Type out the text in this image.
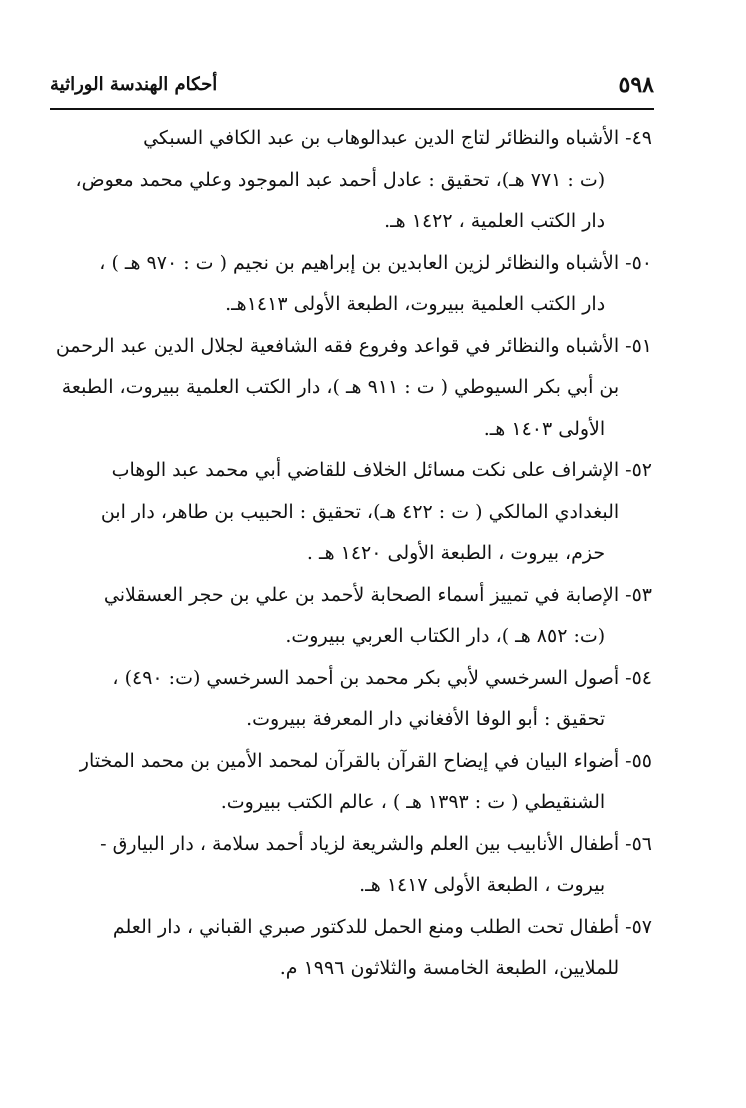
٥٩٨
أحكام الهندسة الوراثية
٤٩-
الأشباه والنظائر لتاج الدين عبدالوهاب بن عبد الكافي السبكي
(ت : ٧٧١ هـ)، تحقيق : عادل أحمد عبد الموجود وعلي محمد معوض،
دار الكتب العلمية ، ١٤٢٢ هـ.
٥٠-
الأشباه والنظائر لزين العابدين بن إبراهيم بن نجيم ( ت : ٩٧٠ هـ ) ،
دار الكتب العلمية ببيروت، الطبعة الأولى ١٤١٣هـ.
٥١-
الأشباه والنظائر في قواعد وفروع فقه الشافعية لجلال الدين عبد الرحمن
بن أبي بكر السيوطي ( ت : ٩١١ هـ )، دار الكتب العلمية ببيروت، الطبعة
الأولى ١٤٠٣ هـ.
٥٢-
الإشراف على نكت مسائل الخلاف للقاضي أبي محمد عبد الوهاب
البغدادي المالكي ( ت : ٤٢٢ هـ)، تحقيق : الحبيب بن طاهر، دار ابن
حزم، بيروت ، الطبعة الأولى ١٤٢٠ هـ .
٥٣-
الإصابة في تمييز أسماء الصحابة لأحمد بن علي بن حجر العسقلاني
(ت: ٨٥٢ هـ )، دار الكتاب العربي ببيروت.
٥٤-
أصول السرخسي لأبي بكر محمد بن أحمد السرخسي (ت: ٤٩٠) ،
تحقيق : أبو الوفا الأفغاني دار المعرفة ببيروت.
٥٥-
أضواء البيان في إيضاح القرآن بالقرآن لمحمد الأمين بن محمد المختار
الشنقيطي ( ت : ١٣٩٣ هـ ) ، عالم الكتب ببيروت.
٥٦-
أطفال الأنابيب بين العلم والشريعة لزياد أحمد سلامة ، دار البيارق -
بيروت ، الطبعة الأولى ١٤١٧ هـ.
٥٧-
أطفال تحت الطلب ومنع الحمل للدكتور صبري القباني ، دار العلم
للملايين، الطبعة الخامسة والثلاثون ١٩٩٦ م.
